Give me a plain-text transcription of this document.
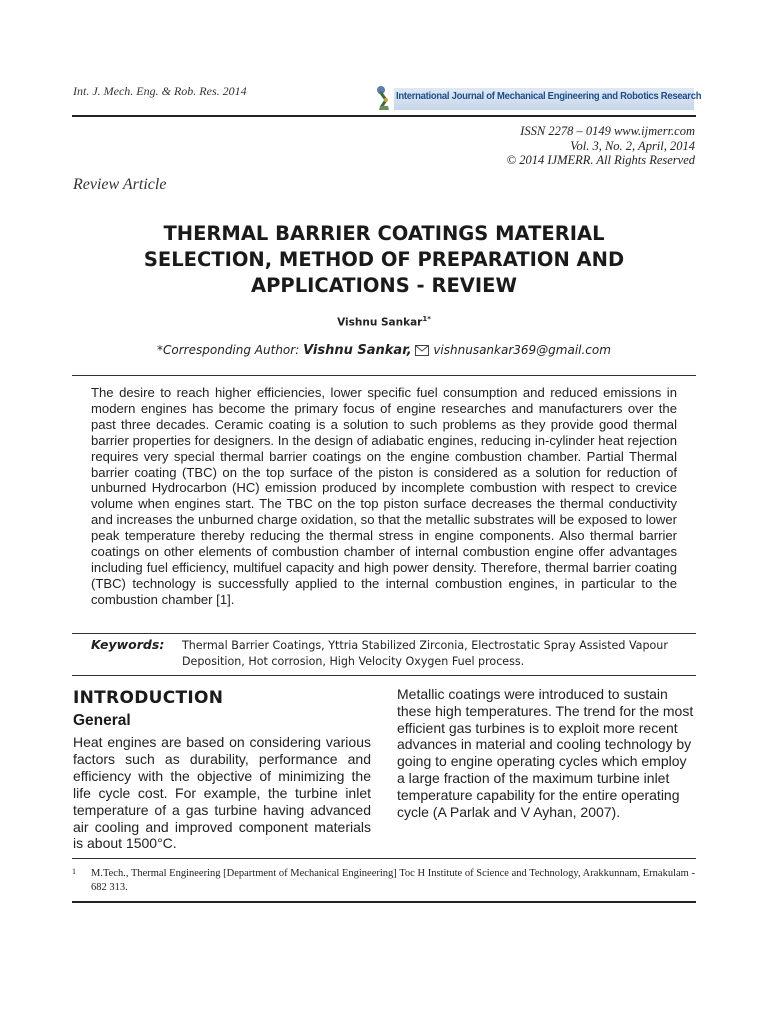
Int. J. Mech. Eng. & Rob. Res. 2014	International Journal of Mechanical Engineering and Robotics Research
ISSN 2278 – 0149 www.ijmerr.com
Vol. 3, No. 2, April, 2014
© 2014 IJMERR. All Rights Reserved
Review Article
THERMAL BARRIER COATINGS MATERIAL
SELECTION, METHOD OF PREPARATION AND
APPLICATIONS - REVIEW
Vishnu Sankar$^{1*}$
*Corresponding Author: Vishnu Sankar, vishnusankar369@gmail.com
The desire to reach higher efficiencies, lower specific fuel consumption and reduced emissions in modern engines has become the primary focus of engine researches and manufacturers over the past three decades. Ceramic coating is a solution to such problems as they provide good thermal barrier properties for designers. In the design of adiabatic engines, reducing in-cylinder heat rejection requires very special thermal barrier coatings on the engine combustion chamber. Partial Thermal barrier coating (TBC) on the top surface of the piston is considered as a solution for reduction of unburned Hydrocarbon (HC) emission produced by incomplete combustion with respect to crevice volume when engines start. The TBC on the top piston surface decreases the thermal conductivity and increases the unburned charge oxidation, so that the metallic substrates will be exposed to lower peak temperature thereby reducing the thermal stress in engine components. Also thermal barrier coatings on other elements of combustion chamber of internal combustion engine offer advantages including fuel efficiency, multifuel capacity and high power density. Therefore, thermal barrier coating (TBC) technology is successfully applied to the internal combustion engines, in particular to the combustion chamber [1].
Keywords: Thermal Barrier Coatings, Yttria Stabilized Zirconia, Electrostatic Spray Assisted Vapour Deposition, Hot corrosion, High Velocity Oxygen Fuel process.
INTRODUCTION
General
Heat engines are based on considering various factors such as durability, performance and efficiency with the objective of minimizing the life cycle cost. For example, the turbine inlet temperature of a gas turbine having advanced air cooling and improved component materials is about 1500°C.
Metallic coatings were introduced to sustain these high temperatures. The trend for the most efficient gas turbines is to exploit more recent advances in material and cooling technology by going to engine operating cycles which employ a large fraction of the maximum turbine inlet temperature capability for the entire operating cycle (A Parlak and V Ayhan, 2007).
1 M.Tech., Thermal Engineering [Department of Mechanical Engineering] Toc H Institute of Science and Technology, Arakkunnam, Ernakulam - 682 313.
